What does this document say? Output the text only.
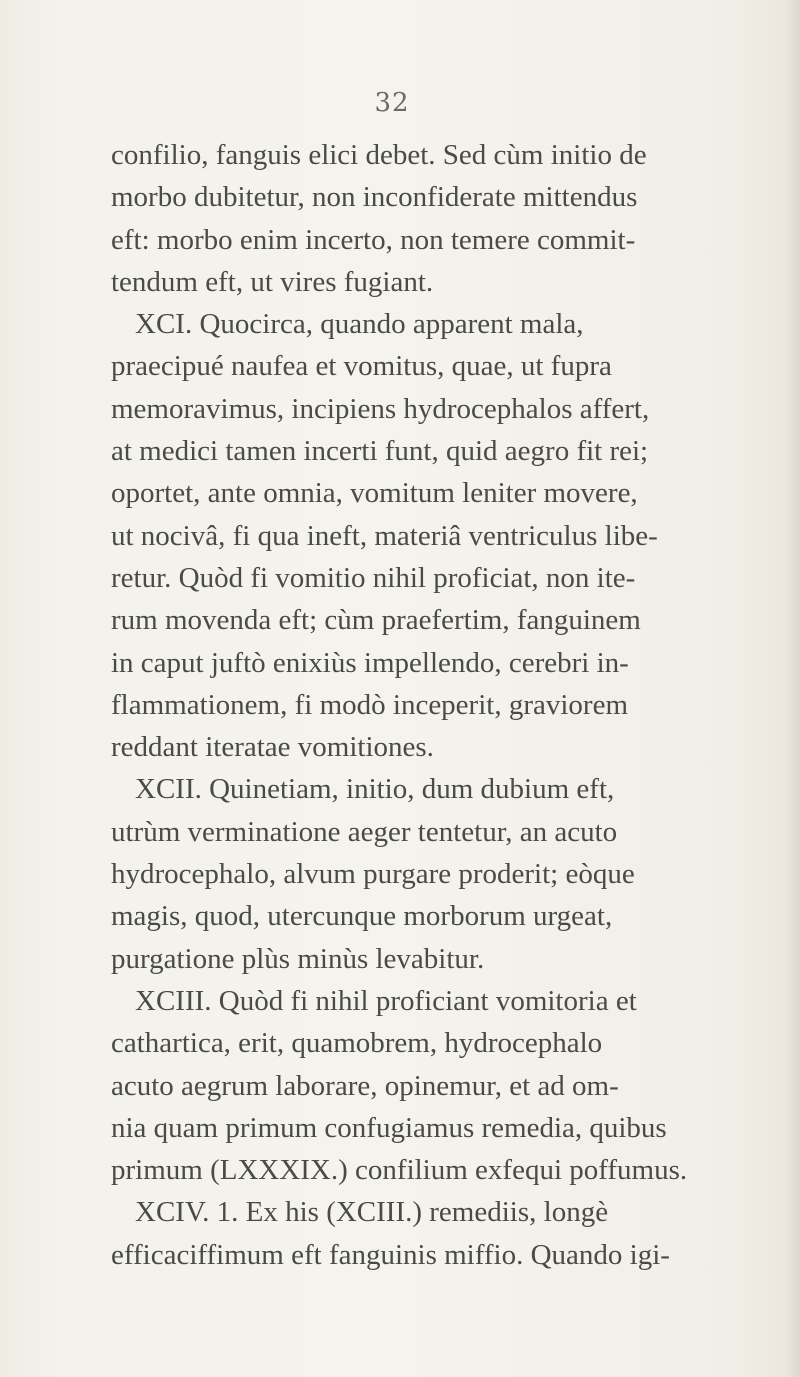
32
confilio, fanguis elici debet. Sed cùm initio de
morbo dubitetur, non inconfiderate mittendus
eft: morbo enim incerto, non temere commit-
tendum eft, ut vires fugiant.
XCI. Quocirca, quando apparent mala,
praecipué naufea et vomitus, quae, ut fupra
memoravimus, incipiens hydrocephalos affert,
at medici tamen incerti funt, quid aegro fit rei;
oportet, ante omnia, vomitum leniter movere,
ut nocivâ, fi qua ineft, materiâ ventriculus libe-
retur. Quòd fi vomitio nihil proficiat, non ite-
rum movenda eft; cùm praefertim, fanguinem
in caput juftò enixiùs impellendo, cerebri in-
flammationem, fi modò inceperit, graviorem
reddant iteratae vomitiones.
XCII. Quinetiam, initio, dum dubium eft,
utrùm verminatione aeger tentetur, an acuto
hydrocephalo, alvum purgare proderit; eòque
magis, quod, utercunque morborum urgeat,
purgatione plùs minùs levabitur.
XCIII. Quòd fi nihil proficiant vomitoria et
cathartica, erit, quamobrem, hydrocephalo
acuto aegrum laborare, opinemur, et ad om-
nia quam primum confugiamus remedia, quibus
primum (LXXXIX.) confilium exfequi poffumus.
XCIV. 1. Ex his (XCIII.) remediis, longè
efficaciffimum eft fanguinis miffio. Quando igi-
